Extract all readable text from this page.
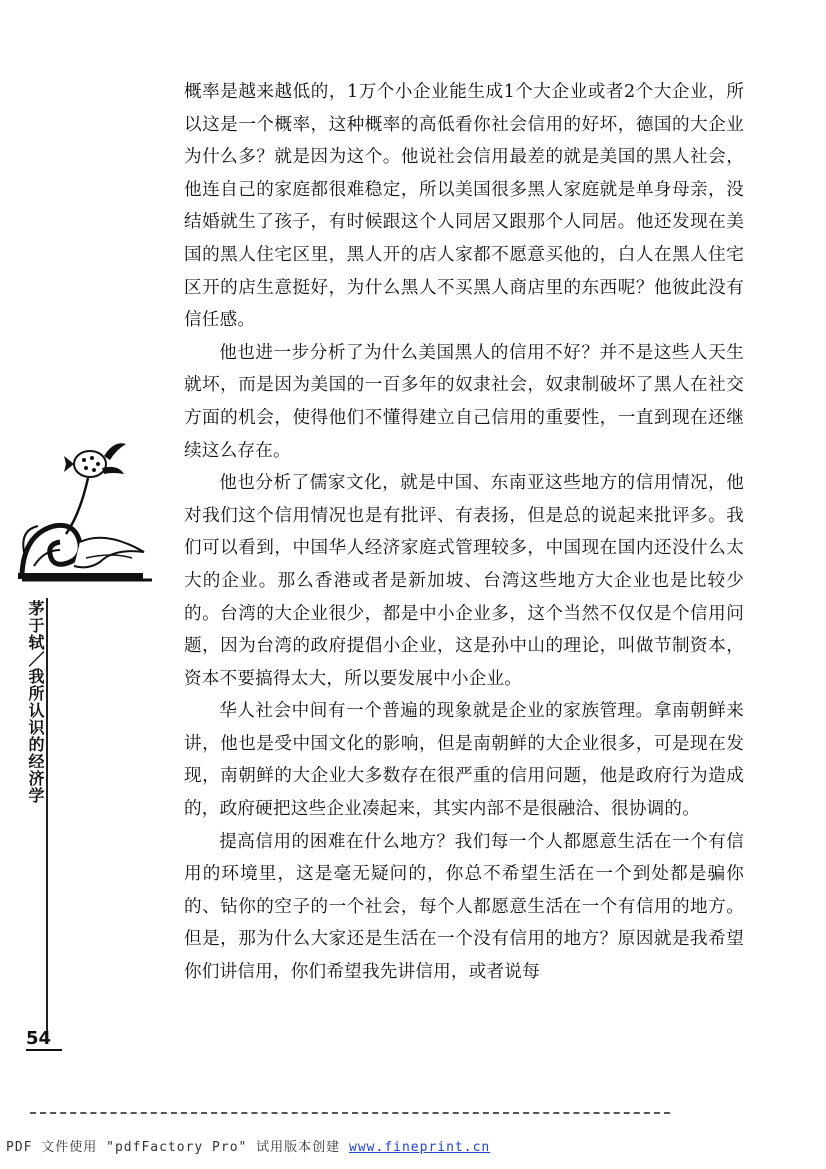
概率是越来越低的，1万个小企业能生成1个大企业或者2个大企业，所以这是一个概率，这种概率的高低看你社会信用的好坏，德国的大企业为什么多？就是因为这个。他说社会信用最差的就是美国的黑人社会，他连自己的家庭都很难稳定，所以美国很多黑人家庭就是单身母亲，没结婚就生了孩子，有时候跟这个人同居又跟那个人同居。他还发现在美国的黑人住宅区里，黑人开的店人家都不愿意买他的，白人在黑人住宅区开的店生意挺好，为什么黑人不买黑人商店里的东西呢？他彼此没有信任感。

他也进一步分析了为什么美国黑人的信用不好？并不是这些人天生就坏，而是因为美国的一百多年的奴隶社会，奴隶制破坏了黑人在社交方面的机会，使得他们不懂得建立自己信用的重要性，一直到现在还继续这么存在。

他也分析了儒家文化，就是中国、东南亚这些地方的信用情况，他对我们这个信用情况也是有批评、有表扬，但是总的说起来批评多。我们可以看到，中国华人经济家庭式管理较多，中国现在国内还没什么太大的企业。那么香港或者是新加坡、台湾这些地方大企业也是比较少的。台湾的大企业很少，都是中小企业多，这个当然不仅仅是个信用问题，因为台湾的政府提倡小企业，这是孙中山的理论，叫做节制资本，资本不要搞得太大，所以要发展中小企业。

华人社会中间有一个普遍的现象就是企业的家族管理。拿南朝鲜来讲，他也是受中国文化的影响，但是南朝鲜的大企业很多，可是现在发现，南朝鲜的大企业大多数存在很严重的信用问题，他是政府行为造成的，政府硬把这些企业凑起来，其实内部不是很融洽、很协调的。

提高信用的困难在什么地方？我们每一个人都愿意生活在一个有信用的环境里，这是毫无疑问的，你总不希望生活在一个到处都是骗你的、钻你的空子的一个社会，每个人都愿意生活在一个有信用的地方。但是，那为什么大家还是生活在一个没有信用的地方？原因就是我希望你们讲信用，你们希望我先讲信用，或者说每

茅于轼／我所认识的经济学
54
PDF 文件使用 "pdfFactory Pro" 试用版本创建 www.fineprint.cn
